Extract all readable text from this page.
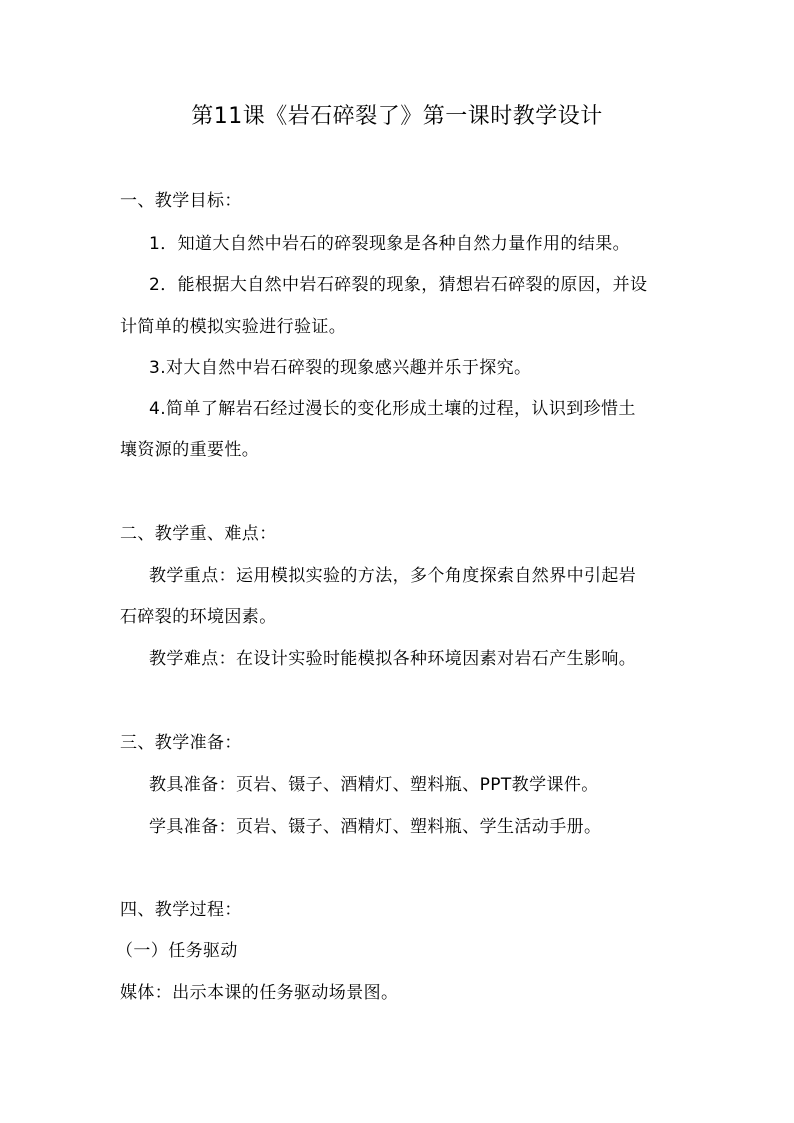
第11课《岩石碎裂了》第一课时教学设计
一、教学目标：
1．知道大自然中岩石的碎裂现象是各种自然力量作用的结果。
2．能根据大自然中岩石碎裂的现象，猜想岩石碎裂的原因，并设
计简单的模拟实验进行验证。
3.对大自然中岩石碎裂的现象感兴趣并乐于探究。
4.简单了解岩石经过漫长的变化形成土壤的过程，认识到珍惜土
壤资源的重要性。
二、教学重、难点：
教学重点：运用模拟实验的方法，多个角度探索自然界中引起岩
石碎裂的环境因素。
教学难点：在设计实验时能模拟各种环境因素对岩石产生影响。
三、教学准备：
教具准备：页岩、镊子、酒精灯、塑料瓶、PPT教学课件。
学具准备：页岩、镊子、酒精灯、塑料瓶、学生活动手册。
四、教学过程：
（一）任务驱动
媒体：出示本课的任务驱动场景图。
